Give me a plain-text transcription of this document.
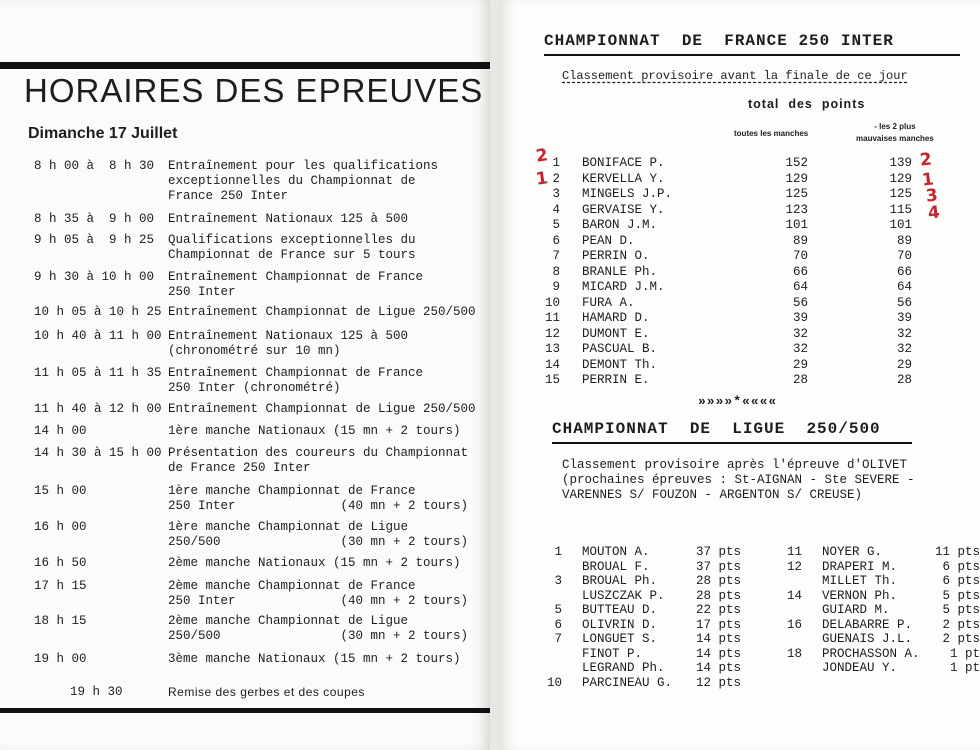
HORAIRES DES EPREUVES
Dimanche 17 Juillet
8 h 00 à  8 h 30 Entraînement pour les qualifications
exceptionnelles du Championnat de
France 250 Inter
8 h 35 à  9 h 00 Entraînement Nationaux 125 à 500
9 h 05 à  9 h 25 Qualifications exceptionnelles du
Championnat de France sur 5 tours
9 h 30 à 10 h 00 Entraînement Championnat de France
250 Inter
10 h 05 à 10 h 25 Entraînement Championnat de Ligue 250/500
10 h 40 à 11 h 00 Entraînement Nationaux 125 à 500
(chronométré sur 10 mn)
11 h 05 à 11 h 35 Entraînement Championnat de France
250 Inter (chronométré)
11 h 40 à 12 h 00 Entraînement Championnat de Ligue 250/500
14 h 00	1ère manche Nationaux (15 mn + 2 tours)
14 h 30 à 15 h 00 Présentation des coureurs du Championnat
de France 250 Inter
15 h 00	1ère manche Championnat de France
250 Inter              (40 mn + 2 tours)
16 h 00	1ère manche Championnat de Ligue
250/500                (30 mn + 2 tours)
16 h 50	2ème manche Nationaux (15 mn + 2 tours)
17 h 15	2ème manche Championnat de France
250 Inter              (40 mn + 2 tours)
18 h 15	2ème manche Championnat de Ligue
250/500                (30 mn + 2 tours)
19 h 00	3ème manche Nationaux (15 mn + 2 tours)
19 h 30	Remise des gerbes et des coupes
CHAMPIONNAT  DE  FRANCE 250 INTER
Classement provisoire avant la finale de ce jour
total  des  points
toutes les manches
- les 2 plus
mauvaises manches
1 BONIFACE P.	152	139
2 KERVELLA Y.	129	129
3 MINGELS J.P.	125	125
4 GERVAISE Y.	123	115
5 BARON J.M.	101	101
6 PEAN D.	89	89
7 PERRIN O.	70	70
8 BRANLE Ph.	66	66
9 MICARD J.M.	64	64
10 FURA A.	56	56
11 HAMARD D.	39	39
12 DUMONT E.	32	32
13 PASCUAL B.	32	32
14 DEMONT Th.	29	29
15 PERRIN E.	28	28
»»»»*««««
CHAMPIONNAT  DE  LIGUE  250/500
Classement provisoire après l'épreuve d'OLIVET
(prochaines épreuves : St-AIGNAN - Ste SEVERE -
VARENNES S/ FOUZON - ARGENTON S/ CREUSE)
1 MOUTON A.	37 pts
BROUAL F.	37 pts
3 BROUAL Ph.	28 pts
LUSZCZAK P.	28 pts
5 BUTTEAU D.	22 pts
6 OLIVRIN D.	17 pts
7 LONGUET S.	14 pts
FINOT P.	14 pts
LEGRAND Ph.	14 pts
10 PARCINEAU G. 12 pts
11 NOYER G.	11 pts
12 DRAPERI M.	6 pts
MILLET Th.	6 pts
14 VERNON Ph.	5 pts
GUIARD M.	5 pts
16 DELABARRE P.	2 pts
GUENAIS J.L.	2 pts
18 PROCHASSON A.	1 pt
JONDEAU Y.	1 pt
2
1
2
1
3
4
